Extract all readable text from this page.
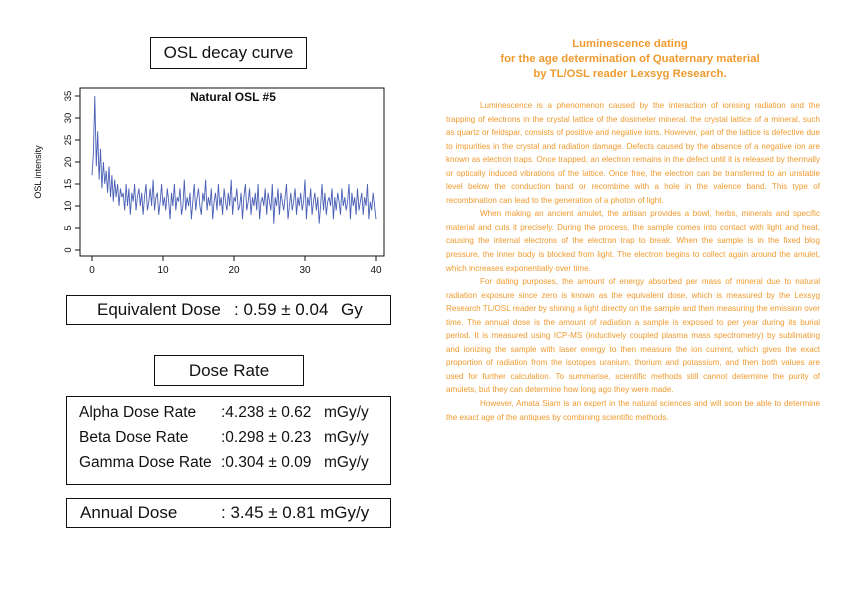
OSL decay curve
0
5
10
15
20
25
30
35
0	10	20	30	40
OSL intensity
Natural OSL #5
Equivalent Dose : 0.59 ± 0.04 Gy
Dose Rate
Alpha Dose Rate :4.238 ± 0.62 mGy/y
Beta Dose Rate :0.298 ± 0.23 mGy/y
Gamma Dose Rate :0.304 ± 0.09 mGy/y
Annual Dose	: 3.45 ± 0.81 mGy/y
Luminescence dating
for the age determination of Quaternary material
by TL/OSL reader Lexsyg Research.

Luminescence is a phenomenon caused by the interaction of ionising radiation and the trapping of electrons in the crystal lattice of the dosimeter mineral. the crystal lattice of a mineral, such as quartz or feldspar, consists of positive and negative ions. However, part of the lattice is defective due to impurities in the crystal and radiation damage. Defects caused by the absence of a negative ion are known as electron traps. Once trapped, an electron remains in the defect until it is released by thermally or optically induced vibrations of the lattice. Once free, the electron can be transferred to an unstable level below the conduction band or recombine with a hole in the valence band. This type of recombination can lead to the generation of a photon of light.

When making an ancient amulet, the artisan provides a bowl, herbs, minerals and specific material and cuts it precisely. During the process, the sample comes into contact with light and heat, causing the internal electrons of the electron trap to break. When the sample is in the fixed blog pressure, the inner body is blocked from light. The electron begins to collect again around the amulet, which increases exponentially over time.

For dating purposes, the amount of energy absorbed per mass of mineral due to natural radiation exposure since zero is known as the equivalent dose, which is measured by the Lexsyg Research TL/OSL reader by shining a light directly on the sample and then measuring the emission over time. The annual dose is the amount of radiation a sample is exposed to per year during its burial period. It is measured using ICP-MS (inductively coupled plasma mass spectrometry) by sublimating and ionizing the sample with laser energy to then measure the ion current, which gives the exact proportion of radiation from the isotopes uranium, thorium and potassium, and then both values are used for further calculation. To summarise, scientific methods still cannot determine the purity of amulets, but they can determine how long ago they were made.

However, Amata Siam is an expert in the natural sciences and will soon be able to determine the exact age of the antiques by combining scientific methods.
